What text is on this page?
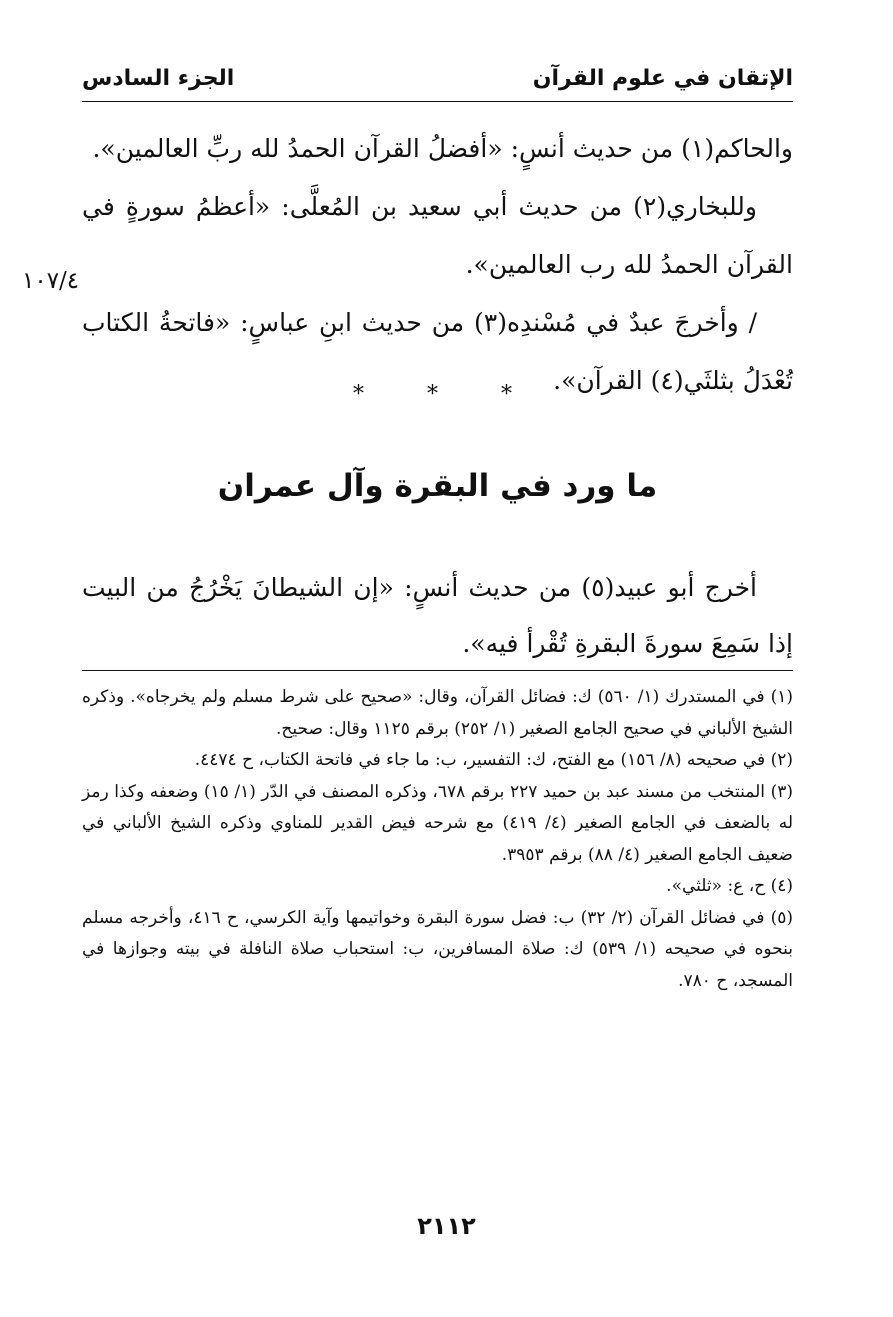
الإتقان في علوم القرآن
الجزء السادس

والحاكم(١) من حديث أنسٍ: «أفضلُ القرآن الحمدُ لله ربِّ العالمين».

وللبخاري(٢) من حديث أبي سعيد بن المُعلَّى: «أعظمُ سورةٍ في القرآن الحمدُ لله رب العالمين».

/ وأخرجَ عبدٌ في مُسْندِه(٣) من حديث ابنِ عباسٍ: «فاتحةُ الكتاب تُعْدَلُ بثلثَي(٤) القرآن».

١٠٧/٤
* * *
ما ورد في البقرة وآل عمران

أخرج أبو عبيد(٥) من حديث أنسٍ: «إن الشيطانَ يَخْرُجُ من البيت إذا سَمِعَ سورةَ البقرةِ تُقْرأ فيه».

(١) في المستدرك (١/ ٥٦٠) ك: فضائل القرآن، وقال: «صحيح على شرط مسلم ولم يخرجاه». وذكره الشيخ الألباني في صحيح الجامع الصغير (١/ ٢٥٢) برقم ١١٢٥ وقال: صحيح.

(٢) في صحيحه (٨/ ١٥٦) مع الفتح، ك: التفسير، ب: ما جاء في فاتحة الكتاب، ح ٤٤٧٤.

(٣) المنتخب من مسند عبد بن حميد ٢٢٧ برقم ٦٧٨، وذكره المصنف في الدّر (١/ ١٥) وضعفه وكذا رمز له بالضعف في الجامع الصغير (٤/ ٤١٩) مع شرحه فيض القدير للمناوي وذكره الشيخ الألباني في ضعيف الجامع الصغير (٤/ ٨٨) برقم ٣٩٥٣.

(٤) ح، ع: «ثلثي».

(٥) في فضائل القرآن (٢/ ٣٢) ب: فضل سورة البقرة وخواتيمها وآية الكرسي، ح ٤١٦، وأخرجه مسلم بنحوه في صحيحه (١/ ٥٣٩) ك: صلاة المسافرين، ب: استحباب صلاة النافلة في بيته وجوازها في المسجد، ح ٧٨٠.

٢١١٢
